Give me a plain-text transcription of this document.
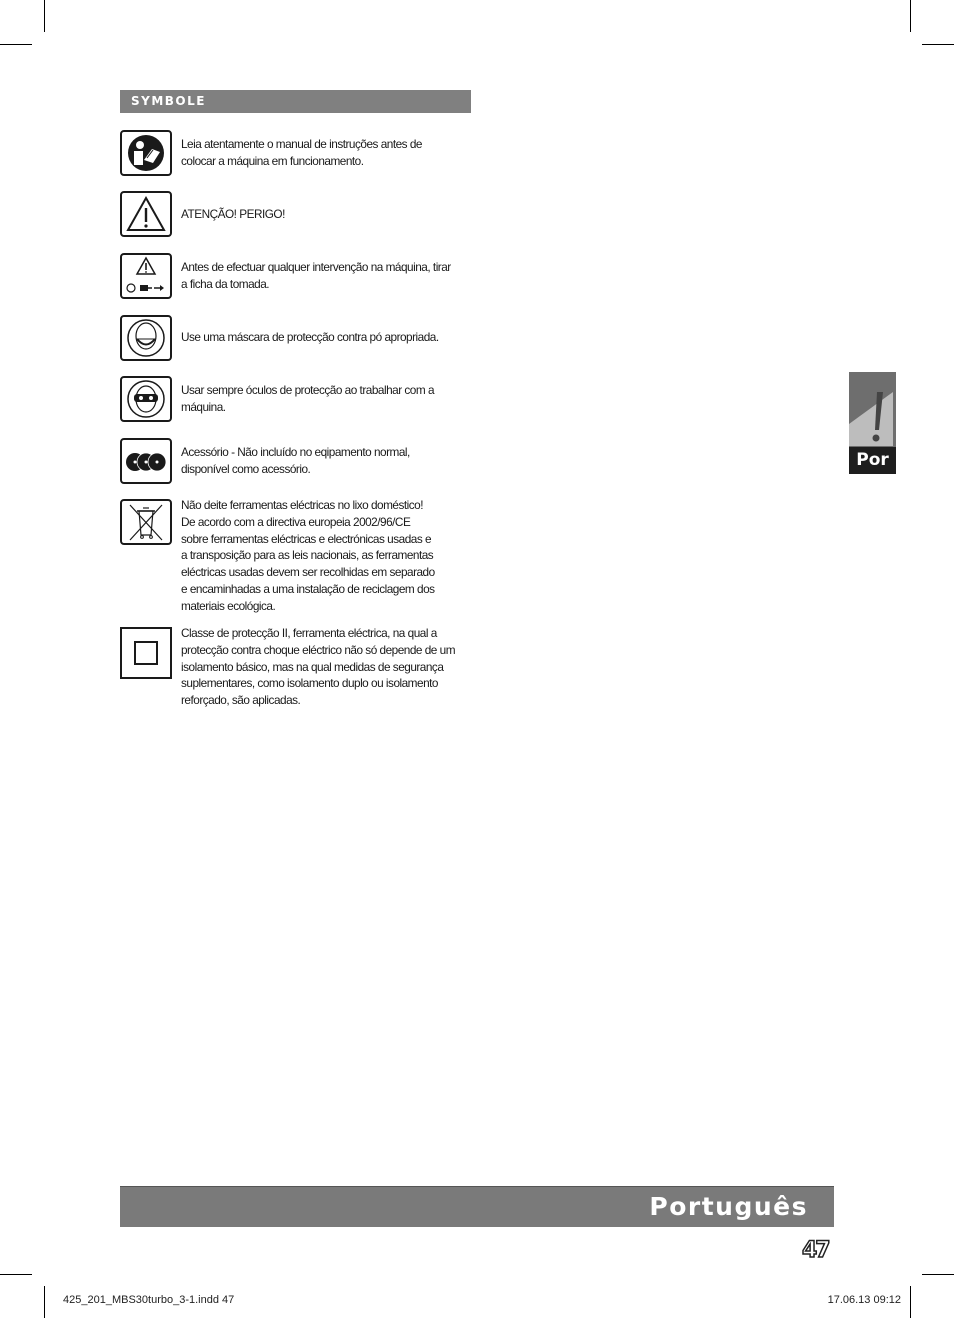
SYMBOLE
Leia atentamente o manual de instruções antes de
colocar a máquina em funcionamento.
ATENÇÃO! PERIGO!
Antes de efectuar qualquer intervenção na máquina, tirar
a ficha da tomada.
Use uma máscara de protecção contra pó apropriada.
Usar sempre óculos de protecção ao trabalhar com a
máquina.
Acessório - Não incluído no eqipamento normal,
disponível como acessório.
Não deite ferramentas eléctricas no lixo doméstico!
De acordo com a directiva europeia 2002/96/CE
sobre ferramentas eléctricas e electrónicas usadas e
a transposição para as leis nacionais, as ferramentas
eléctricas usadas devem ser recolhidas em separado
e encaminhadas a uma instalação de reciclagem dos
materiais ecológica.
Classe de protecção II, ferramenta eléctrica, na qual a
protecção contra choque eléctrico não só depende de um
isolamento básico, mas na qual medidas de segurança
suplementares, como isolamento duplo ou isolamento
reforçado, são aplicadas.
Por
Português
47
425_201_MBS30turbo_3-1.indd 47	17.06.13 09:12
